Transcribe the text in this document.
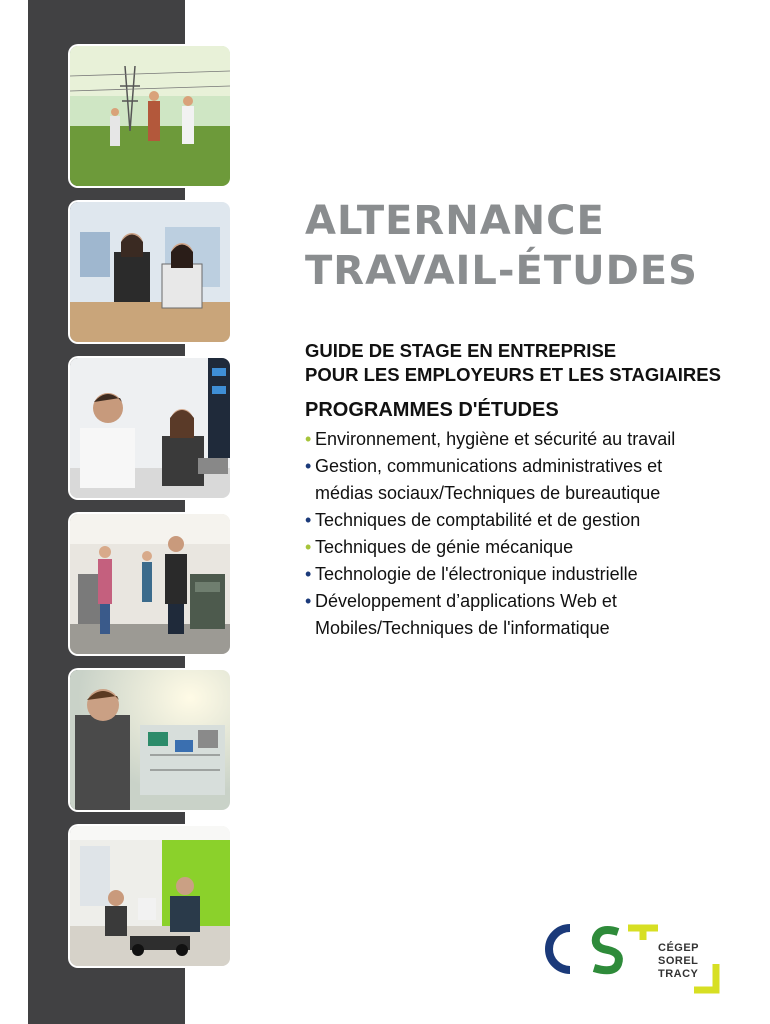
ALTERNANCE
TRAVAIL-ÉTUDES
GUIDE DE STAGE EN ENTREPRISE
POUR LES EMPLOYEURS ET LES STAGIAIRES
PROGRAMMES D'ÉTUDES
• Environnement, hygiène et sécurité au travail
• Gestion, communications administratives et
médias sociaux/Techniques de bureautique
• Techniques de comptabilité et de gestion
• Techniques de génie mécanique
• Technologie de l'électronique industrielle
• Développement d’applications Web et
Mobiles/Techniques de l'informatique
CÉGEP
SOREL
TRACY
